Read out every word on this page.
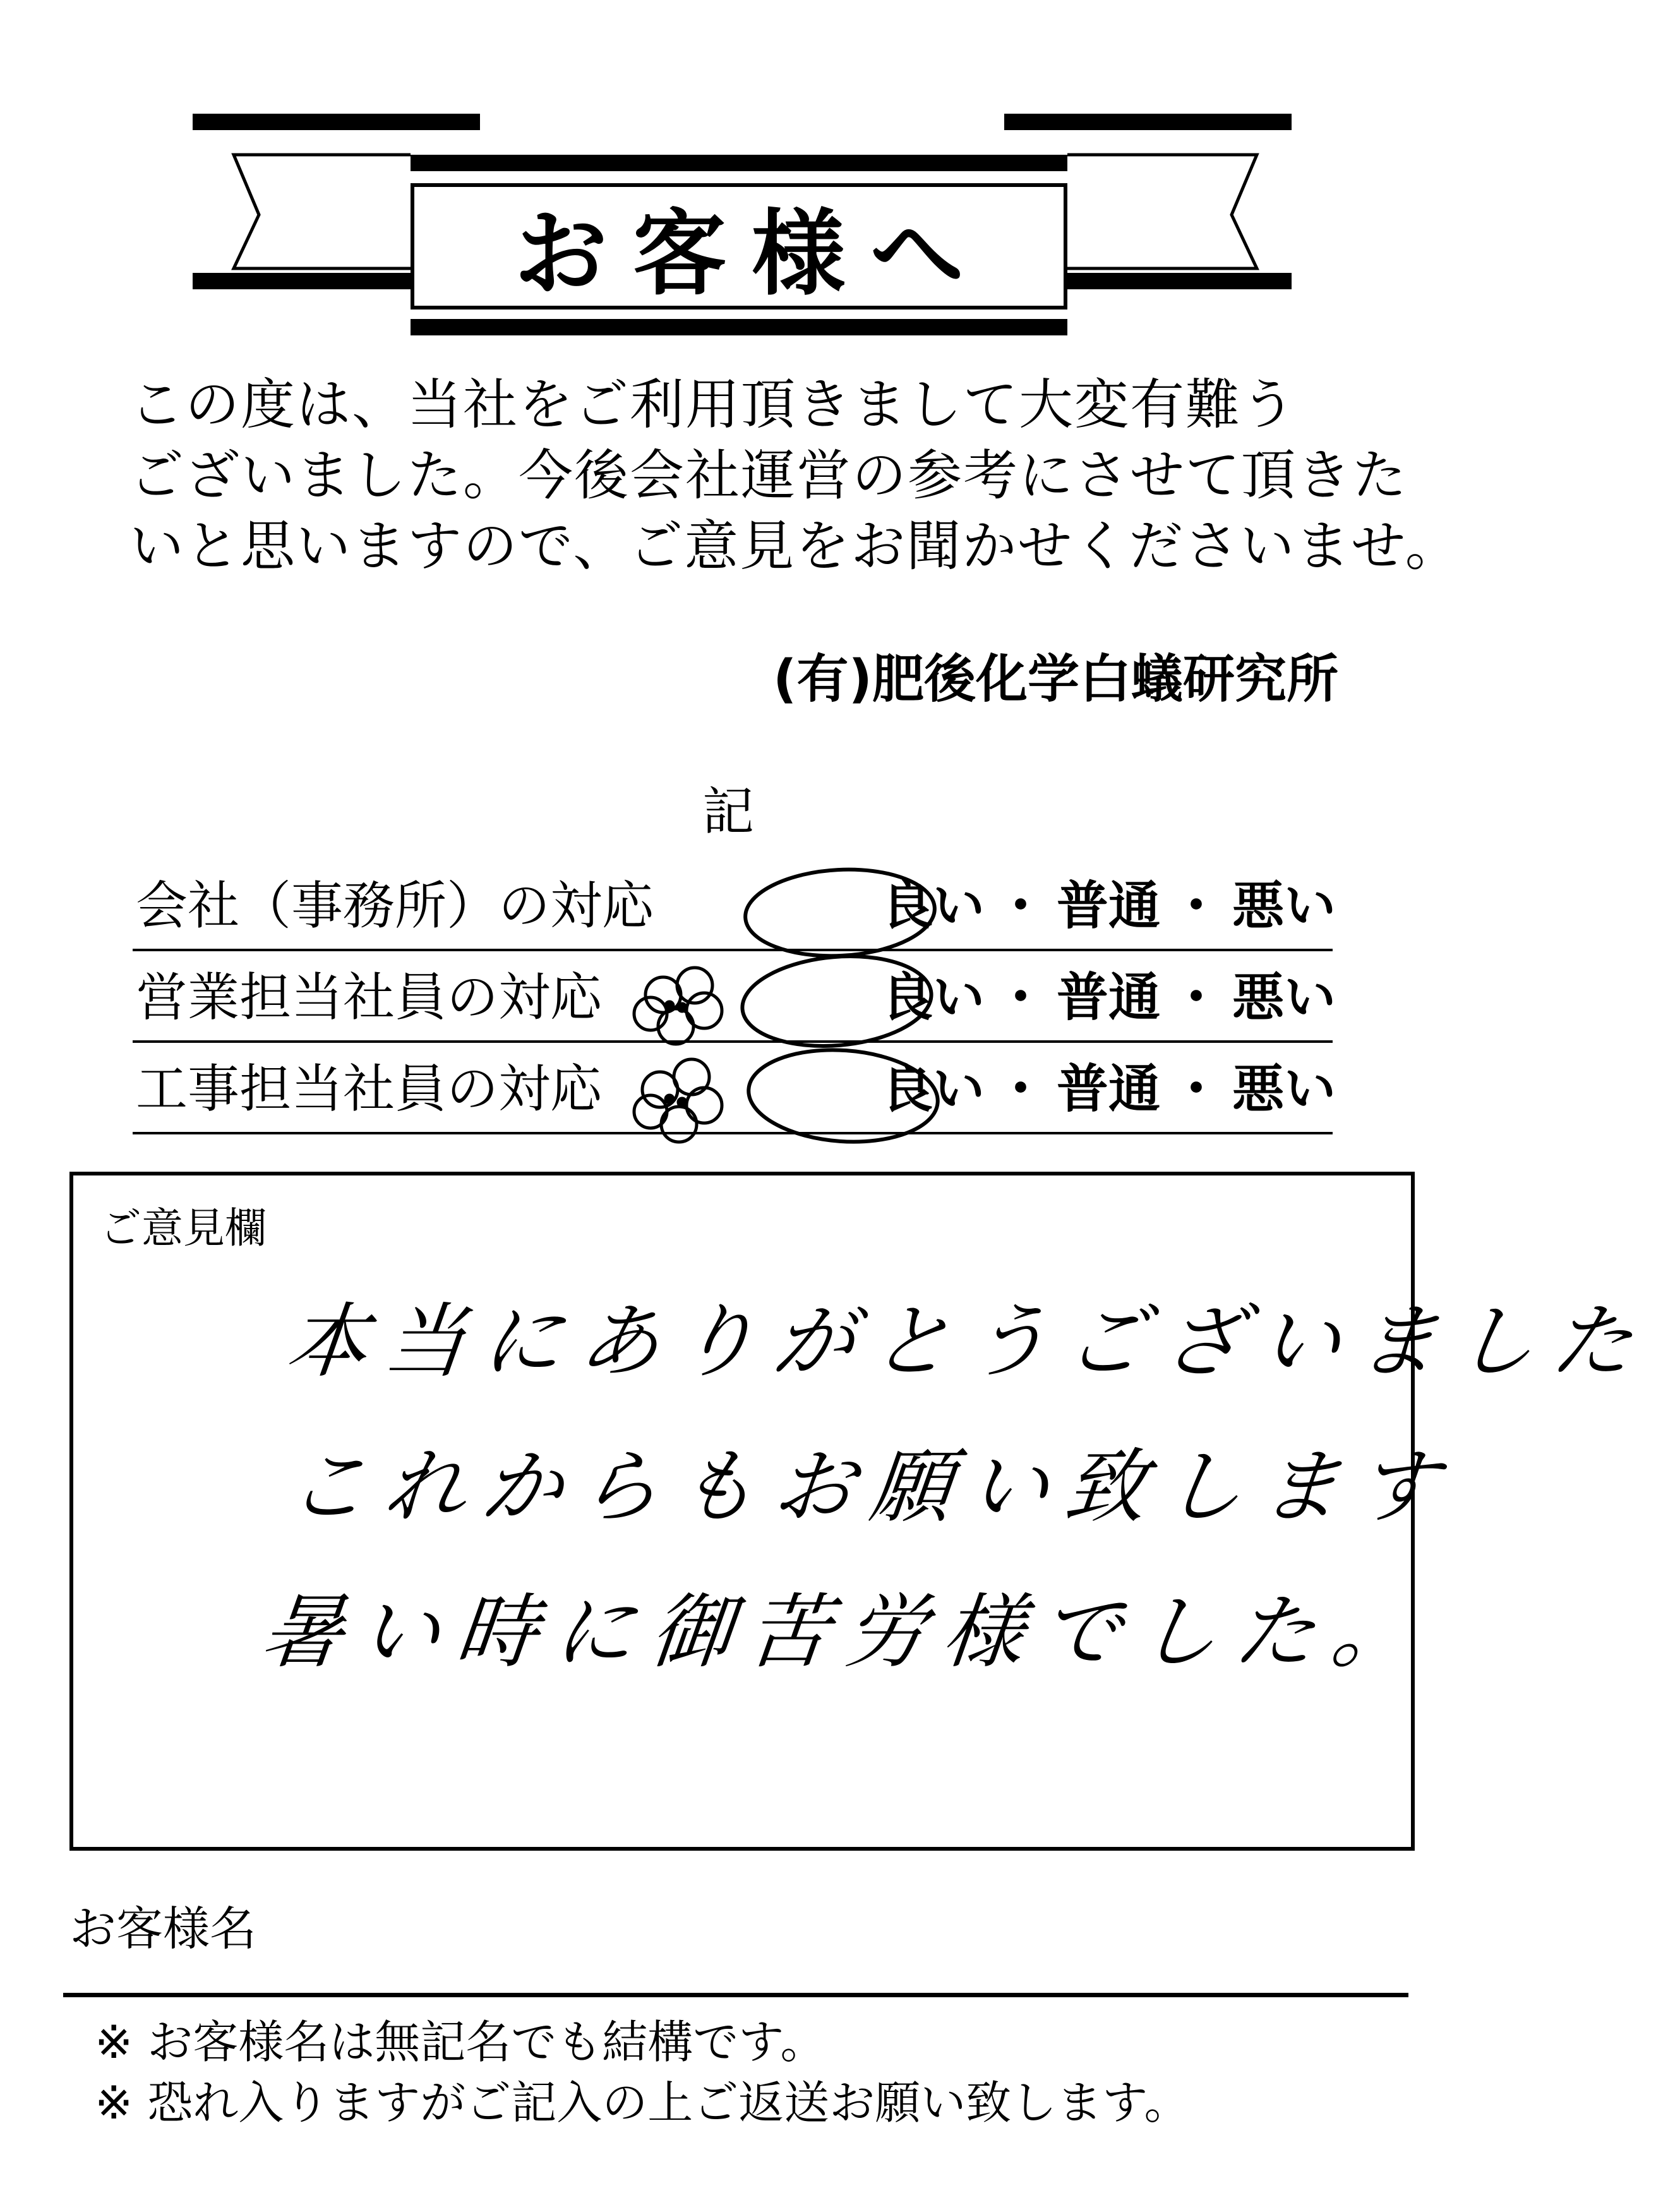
お客様へ
この度は、当社をご利用頂きまして大変有難う
ございました。今後会社運営の参考にさせて頂きた
いと思いますので、ご意見をお聞かせくださいませ。
(有)肥後化学白蟻研究所
記
会社（事務所）の対応	良い ・ 普通 ・ 悪い
営業担当社員の対応	良い ・ 普通 ・ 悪い
工事担当社員の対応	良い ・ 普通 ・ 悪い
ご意見欄
本当にありがとうございました
これからもお願い致します
暑い時に御苦労様でした。
お客様名
※ お客様名は無記名でも結構です。
※ 恐れ入りますがご記入の上ご返送お願い致します。
